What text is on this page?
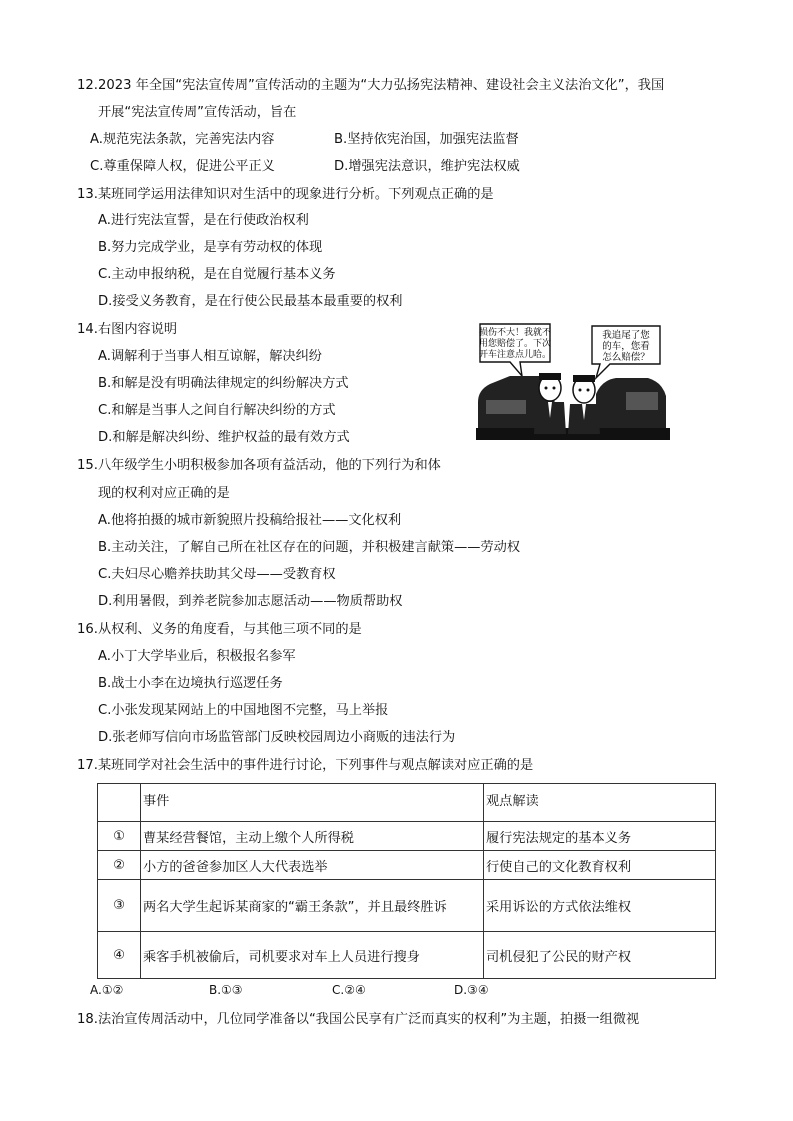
12.2023 年全国“宪法宣传周”宣传活动的主题为“大力弘扬宪法精神、建设社会主义法治文化”，我国
开展“宪法宣传周”宣传活动，旨在
A.规范宪法条款，完善宪法内容	B.坚持依宪治国，加强宪法监督
C.尊重保障人权，促进公平正义	D.增强宪法意识，维护宪法权威
13.某班同学运用法律知识对生活中的现象进行分析。下列观点正确的是
A.进行宪法宣誓，是在行使政治权利
B.努力完成学业，是享有劳动权的体现
C.主动申报纳税，是在自觉履行基本义务
D.接受义务教育，是在行使公民最基本最重要的权利
14.右图内容说明
A.调解利于当事人相互谅解，解决纠纷
B.和解是没有明确法律规定的纠纷解决方式
C.和解是当事人之间自行解决纠纷的方式
D.和解是解决纠纷、维护权益的最有效方式
损伤不大！我就不
用您赔偿了。下次
开车注意点儿哈。
我追尾了您
的车，您看
怎么赔偿？
15.八年级学生小明积极参加各项有益活动，他的下列行为和体
现的权利对应正确的是
A.他将拍摄的城市新貌照片投稿给报社——文化权利
B.主动关注，了解自己所在社区存在的问题，并积极建言献策——劳动权
C.夫妇尽心赡养扶助其父母——受教育权
D.利用暑假，到养老院参加志愿活动——物质帮助权
16.从权利、义务的角度看，与其他三项不同的是
A.小丁大学毕业后，积极报名参军
B.战士小李在边境执行巡逻任务
C.小张发现某网站上的中国地图不完整，马上举报
D.张老师写信向市场监管部门反映校园周边小商贩的违法行为
17.某班同学对社会生活中的事件进行讨论，下列事件与观点解读对应正确的是
	事件	观点解读
①	曹某经营餐馆，主动上缴个人所得税	履行宪法规定的基本义务
②	小方的爸爸参加区人大代表选举	行使自己的文化教育权利
③	两名大学生起诉某商家的“霸王条款”，并且最终胜诉	采用诉讼的方式依法维权
④	乘客手机被偷后，司机要求对车上人员进行搜身	司机侵犯了公民的财产权
A.①②	B.①③	C.②④	D.③④
18.法治宣传周活动中，几位同学准备以“我国公民享有广泛而真实的权利”为主题，拍摄一组微视
